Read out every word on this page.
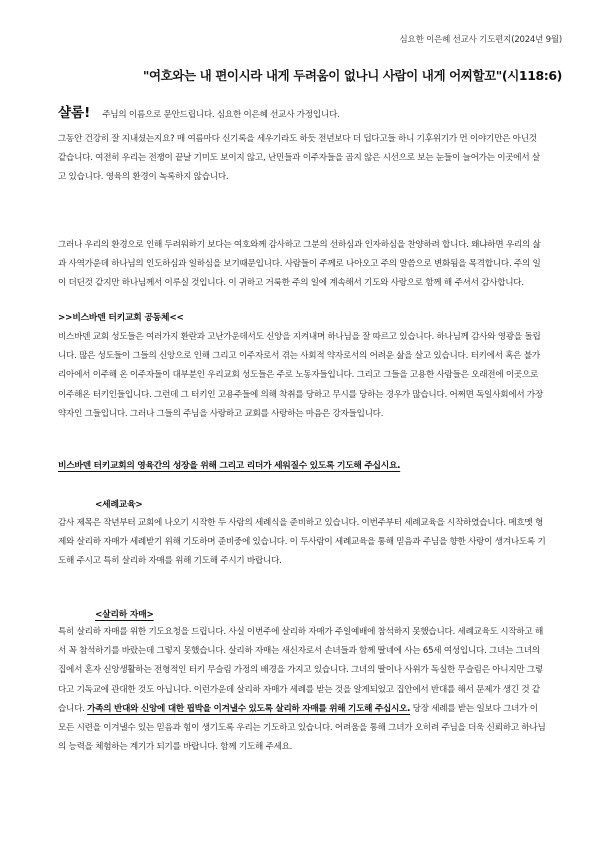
심요한 이은혜 선교사 기도편지(2024년 9월)
"여호와는 내 편이시라 내게 두려움이 없나니 사람이 내게 어찌할꼬"(시118:6)
샬롬! 주님의 이름으로 문안드립니다. 심요한 이은혜 선교사 가정입니다.

그동안 건강히 잘 지내셨는지요? 매 여름마다 신기록을 세우기라도 하듯 전년보다 더 덥다고들 하니 기후위기가 먼 이야기만은 아닌것 같습니다. 여전히 우리는 전쟁이 끝날 기미도 보이지 않고, 난민들과 이주자들을 곱지 않은 시선으로 보는 눈들이 늘어가는 이곳에서 살고 있습니다. 영육의 환경이 녹록하지 않습니다.

그러나 우리의 환경으로 인해 두려워하기 보다는 여호와께 감사하고 그분의 선하심과 인자하심을 찬양하려 합니다. 왜냐하면 우리의 삶과 사역가운데 하나님의 인도하심과 일하심을 보기때문입니다. 사람들이 주께로 나아오고 주의 말씀으로 변화됨을 목격합니다. 주의 일이 더딘것 같지만 하나님께서 이루실 것입니다. 이 귀하고 거룩한 주의 일에 계속해서 기도와 사랑으로 함께 해 주셔서 감사합니다.

>>비스바덴 터키교회 공동체<<

비스바덴 교회 성도들은 여러가지 환란과 고난가운데서도 신앙을 지켜내며 하나님을 잘 따르고 있습니다. 하나님께 감사와 영광을 돌립니다. 많은 성도들이 그들의 신앙으로 인해 그리고 이주자로서 겪는 사회적 약자로서의 어려운 삶을 살고 있습니다. 터키에서 혹은 불가리아에서 이주해 온 이주자들이 대부분인 우리교회 성도들은 주로 노동자들입니다. 그리고 그들을 고용한 사람들은 오래전에 이곳으로 이주해온 터키인들입니다. 그런데 그 터키인 고용주들에 의해 착취를 당하고 무시를 당하는 경우가 많습니다. 어쩌면 독일사회에서 가장 약자인 그들입니다. 그러나 그들의 주님을 사랑하고 교회를 사랑하는 마음은 강자들입니다.

비스바덴 터키교회의 영육간의 성장을 위해 그리고 리더가 세워질수 있도록 기도해 주십시요.
<세례교육>

감사 제목은 작년부터 교회에 나오기 시작한 두 사람의 세례식을 준비하고 있습니다. 이번주부터 세례교육을 시작하였습니다. 메흐멧 형제와 살리하 자매가 세례받기 위해 기도하며 준비중에 있습니다. 이 두사람이 세례교육을 통해 믿음과 주님을 향한 사랑이 생겨나도록 기도해 주시고 특히 살리하 자매를 위해 기도해 주시기 바랍니다.

<살리하 자매>

특히 살리하 자매를 위한 기도요청을 드립니다. 사실 이번주에 살리하 자매가 주일예배에 참석하지 못했습니다. 세례교육도 시작하고 해서 꼭 참석하기를 바랐는데 그렇지 못했습니다. 살리하 자매는 새신자로서 손녀들과 함께 딸네에 사는 65세 여성입니다. 그녀는 그녀의 집에서 혼자 신앙생활하는 전형적인 터키 무슬림 가정의 배경을 가지고 있습니다. 그녀의 딸이나 사위가 독실한 무슬림은 아니지만 그렇다고 기독교에 관대한 것도 아닙니다. 이런가운데 살리하 자매가 세례를 받는 것을 알게되었고 집안에서 반대를 해서 문제가 생긴 것 같습니다. 가족의 반대와 신앙에 대한 핍박을 이겨낼수 있도록 살리하 자매를 위해 기도해 주십시오. 당장 세례를 받는 일보다 그녀가 이 모든 시련을 이겨낼수 있는 믿음과 힘이 생기도록 우리는 기도하고 있습니다. 어려움을 통해 그녀가 오히려 주님을 더욱 신뢰하고 하나님의 능력을 체험하는 계기가 되기를 바랍니다. 함께 기도해 주세요.
